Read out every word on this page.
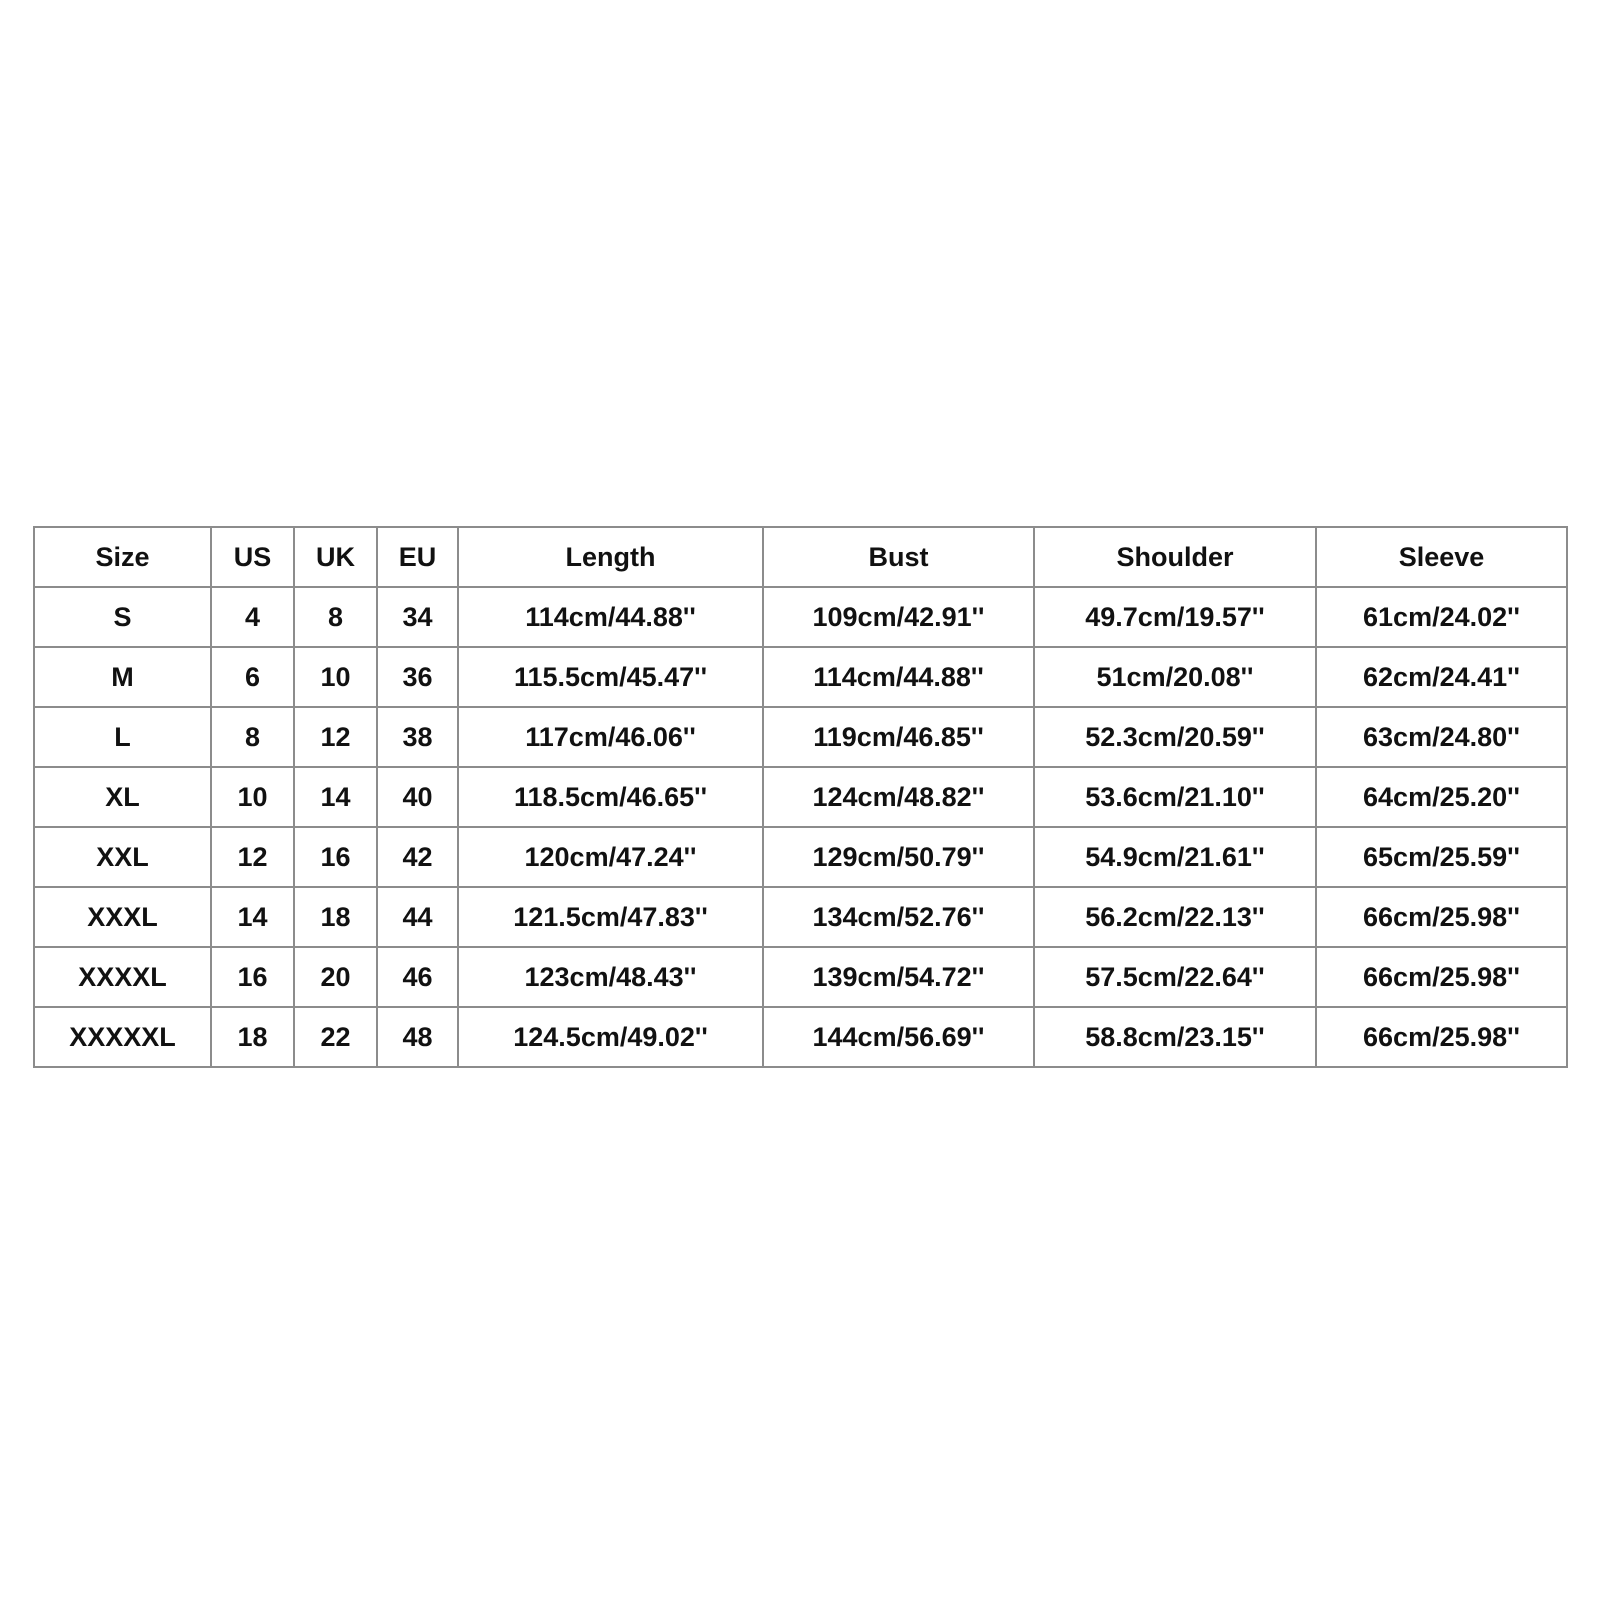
Size	US	UK	EU	Length	Bust	Shoulder	Sleeve
S	4	8	34	114cm/44.88''	109cm/42.91''	49.7cm/19.57''	61cm/24.02''
M	6	10	36	115.5cm/45.47''	114cm/44.88''	51cm/20.08''	62cm/24.41''
L	8	12	38	117cm/46.06''	119cm/46.85''	52.3cm/20.59''	63cm/24.80''
XL	10	14	40	118.5cm/46.65''	124cm/48.82''	53.6cm/21.10''	64cm/25.20''
XXL	12	16	42	120cm/47.24''	129cm/50.79''	54.9cm/21.61''	65cm/25.59''
XXXL	14	18	44	121.5cm/47.83''	134cm/52.76''	56.2cm/22.13''	66cm/25.98''
XXXXL	16	20	46	123cm/48.43''	139cm/54.72''	57.5cm/22.64''	66cm/25.98''
XXXXXL	18	22	48	124.5cm/49.02''	144cm/56.69''	58.8cm/23.15''	66cm/25.98''
